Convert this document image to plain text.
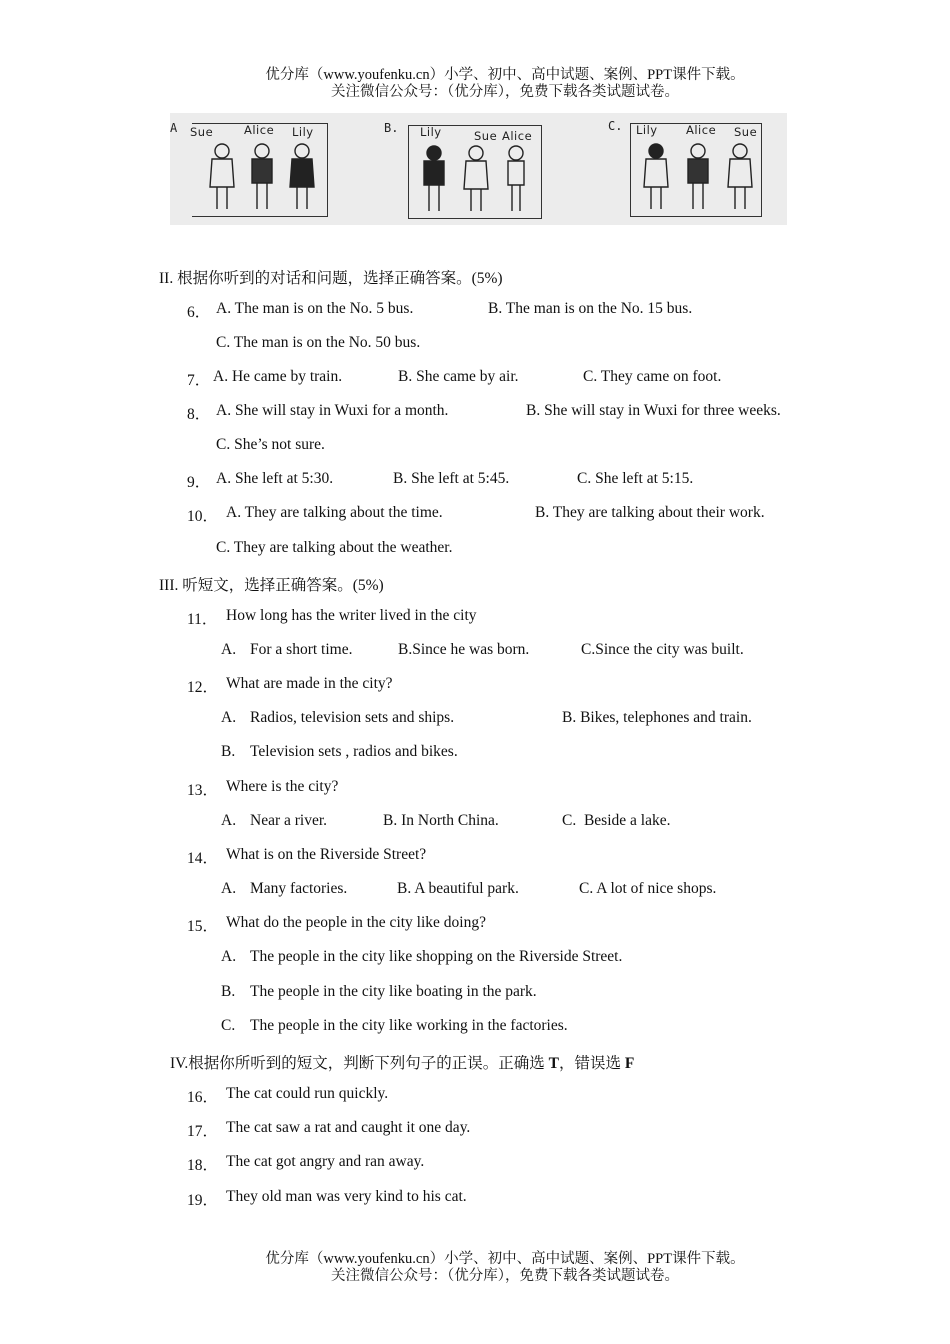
优分库（www.youfenku.cn）小学、初中、高中试题、案例、PPT课件下载。
关注微信公众号：（优分库），免费下载各类试题试卷。
A Sue	Alice Lily	B. Lily	Sue Alice
C. Lily Alice Sue
II. 根据你听到的对话和问题，选择正确答案。(5%)
6． A. The man is on the No. 5 bus.	B. The man is on the No. 15 bus.
C. The man is on the No. 50 bus.
7． A. He came by train.	B. She came by air.	C. They came on foot.
8． A. She will stay in Wuxi for a month.	B. She will stay in Wuxi for three weeks.
C. She’s not sure.
9． A. She left at 5:30.	B. She left at 5:45.	C. She left at 5:15.
10． A. They are talking about the time.	B. They are talking about their work.
C. They are talking about the weather.
III. 听短文，选择正确答案。(5%)
11． How long has the writer lived in the city
A. For a short time.	B.Since he was born.	C.Since the city was built.
12． What are made in the city?
A. Radios, television sets and ships.	B. Bikes, telephones and train.
B. Television sets , radios and bikes.
13． Where is the city?
A. Near a river.	B. In North China.	C.  Beside a lake.
14． What is on the Riverside Street?
A. Many factories.	B. A beautiful park.	C. A lot of nice shops.
15． What do the people in the city like doing?
A. The people in the city like shopping on the Riverside Street.
B. The people in the city like boating in the park.
C. The people in the city like working in the factories.
IV.根据你所听到的短文，判断下列句子的正误。正确选 T，错误选 F
16． The cat could run quickly.
17． The cat saw a rat and caught it one day.
18． The cat got angry and ran away.
19． They old man was very kind to his cat.
优分库（www.youfenku.cn）小学、初中、高中试题、案例、PPT课件下载。
关注微信公众号：（优分库），免费下载各类试题试卷。
